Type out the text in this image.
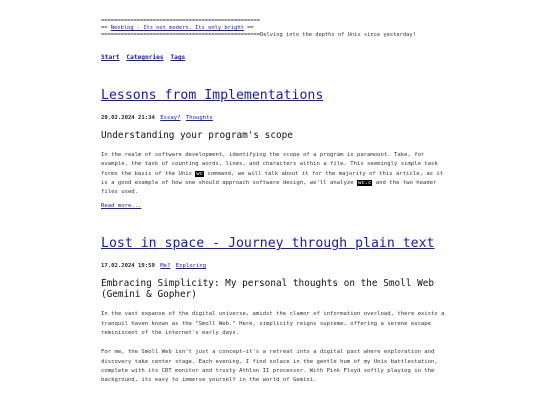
=================================================
== Neoblog - Its not modern. Its only bright ==
=================================================Delving into the depths of Unix since yesterday!
Start Categories Tags
Lessons from Implementations
20.02.2024 21:34 Essay? Thoughts
Understanding your program's scope

In the realm of software development, identifying the scope of a program is paramount. Take, for example, the task of counting words, lines, and characters within a file. This seemingly simple task forms the basis of the Unix wc command, we will talk about it for the majority of this article, as it is a good example of how one should approach software design, we'll analyze wc.c and the two header files used.

Read more...
Lost in space - Journey through plain text
17.02.2024 19:59 Me? Exploring
Embracing Simplicity: My personal thoughts on the Smoll Web (Gemini & Gopher)

In the vast expanse of the digital universe, amidst the clamor of information overload, there exists a tranquil haven known as the "Smoll Web." Here, simplicity reigns supreme, offering a serene escape reminiscent of the internet's early days.

For me, the Smoll Web isn't just a concept—it's a retreat into a digital past where exploration and discovery take center stage. Each evening, I find solace in the gentle hum of my Unix battlestation, complete with its CRT monitor and trusty Athlon II processor. With Pink Floyd softly playing in the background, its easy to immerse yourself in the world of Gemini.
